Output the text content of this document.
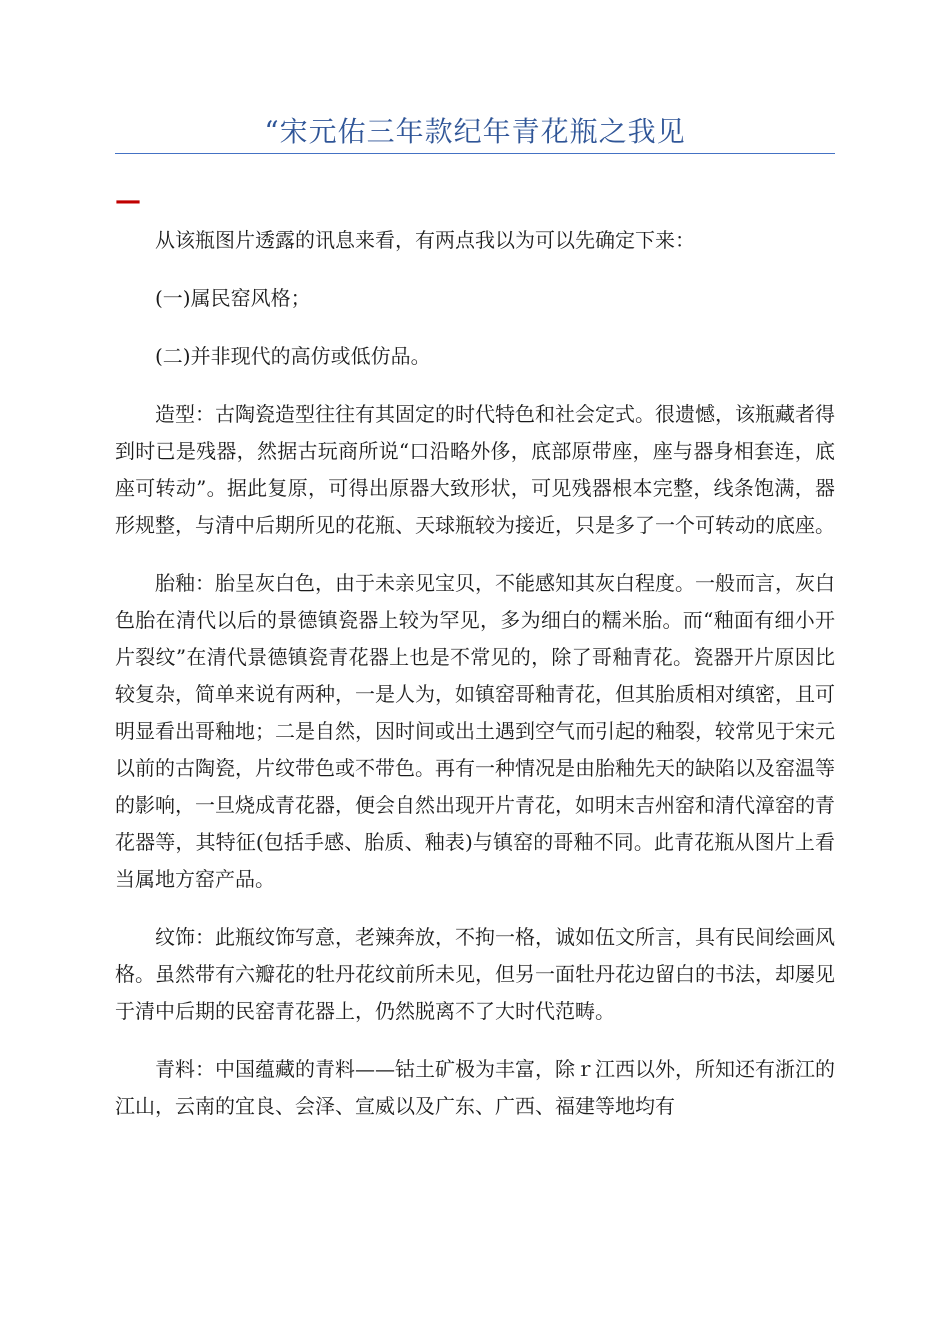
“宋元佑三年款纪年青花瓶之我见
—

从该瓶图片透露的讯息来看，有两点我以为可以先确定下来：

(一)属民窑风格；

(二)并非现代的高仿或低仿品。

造型：古陶瓷造型往往有其固定的时代特色和社会定式。很遗憾，该瓶藏者得到时已是残器，然据古玩商所说“口沿略外侈，底部原带座，座与器身相套连，底座可转动”。据此复原，可得出原器大致形状，可见残器根本完整，线条饱满，器形规整，与清中后期所见的花瓶、天球瓶较为接近，只是多了一个可转动的底座。

胎釉：胎呈灰白色，由于未亲见宝贝，不能感知其灰白程度。一般而言，灰白色胎在清代以后的景德镇瓷器上较为罕见，多为细白的糯米胎。而“釉面有细小开片裂纹”在清代景德镇瓷青花器上也是不常见的，除了哥釉青花。瓷器开片原因比较复杂，简单来说有两种，一是人为，如镇窑哥釉青花，但其胎质相对缜密，且可明显看出哥釉地；二是自然，因时间或出土遇到空气而引起的釉裂，较常见于宋元以前的古陶瓷，片纹带色或不带色。再有一种情况是由胎釉先天的缺陷以及窑温等的影响，一旦烧成青花器，便会自然出现开片青花，如明末吉州窑和清代漳窑的青花器等，其特征(包括手感、胎质、釉表)与镇窑的哥釉不同。此青花瓶从图片上看当属地方窑产品。

纹饰：此瓶纹饰写意，老辣奔放，不拘一格，诚如伍文所言，具有民间绘画风格。虽然带有六瓣花的牡丹花纹前所未见，但另一面牡丹花边留白的书法，却屡见于清中后期的民窑青花器上，仍然脱离不了大时代范畴。

青料：中国蕴藏的青料——钴土矿极为丰富，除ｒ江西以外，所知还有浙江的江山，云南的宜良、会泽、宣威以及广东、广西、福建等地均有
